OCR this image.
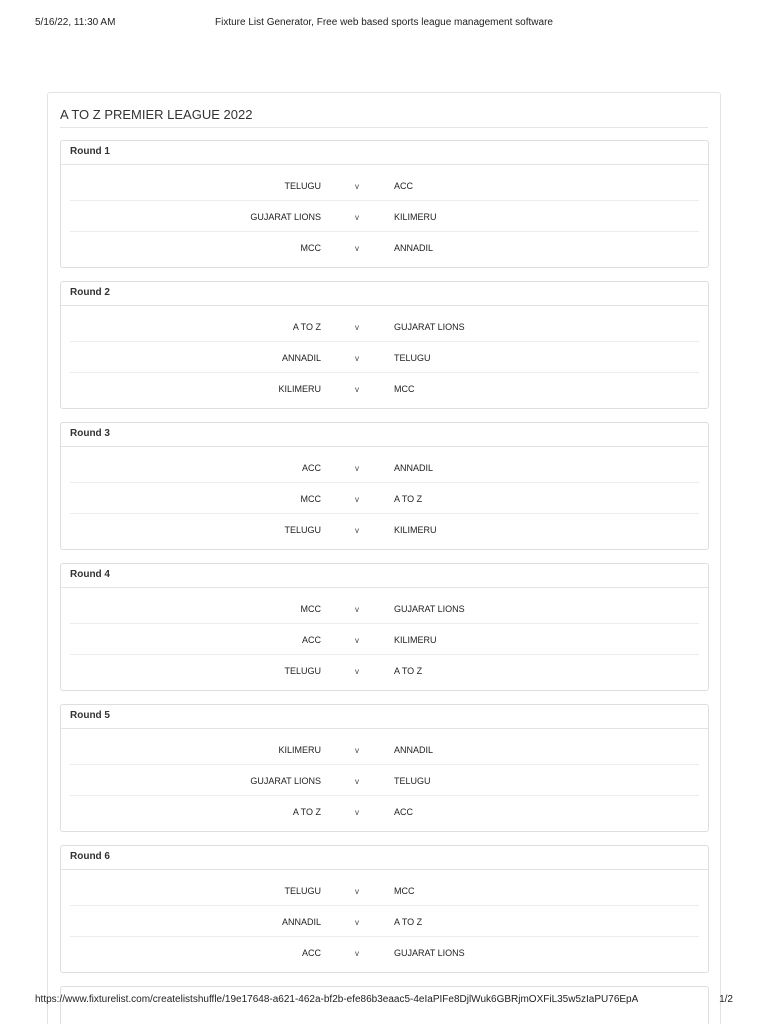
5/16/22, 11:30 AM	Fixture List Generator, Free web based sports league management software
A TO Z PREMIER LEAGUE 2022
Round 1
TELUGU	v	ACC
GUJARAT LIONS	v	KILIMERU
MCC	v	ANNADIL
Round 2
A TO Z	v	GUJARAT LIONS
ANNADIL	v	TELUGU
KILIMERU	v	MCC
Round 3
ACC	v	ANNADIL
MCC	v	A TO Z
TELUGU	v	KILIMERU
Round 4
MCC	v	GUJARAT LIONS
ACC	v	KILIMERU
TELUGU	v	A TO Z
Round 5
KILIMERU	v	ANNADIL
GUJARAT LIONS	v	TELUGU
A TO Z	v	ACC
Round 6
TELUGU	v	MCC
ANNADIL	v	A TO Z
ACC	v	GUJARAT LIONS
https://www.fixturelist.com/createlistshuffle/19e17648-a621-462a-bf2b-efe86b3eaac5-4eIaPIFe8DjlWuk6GBRjmOXFiL35w5zIaPU76EpA	1/2
